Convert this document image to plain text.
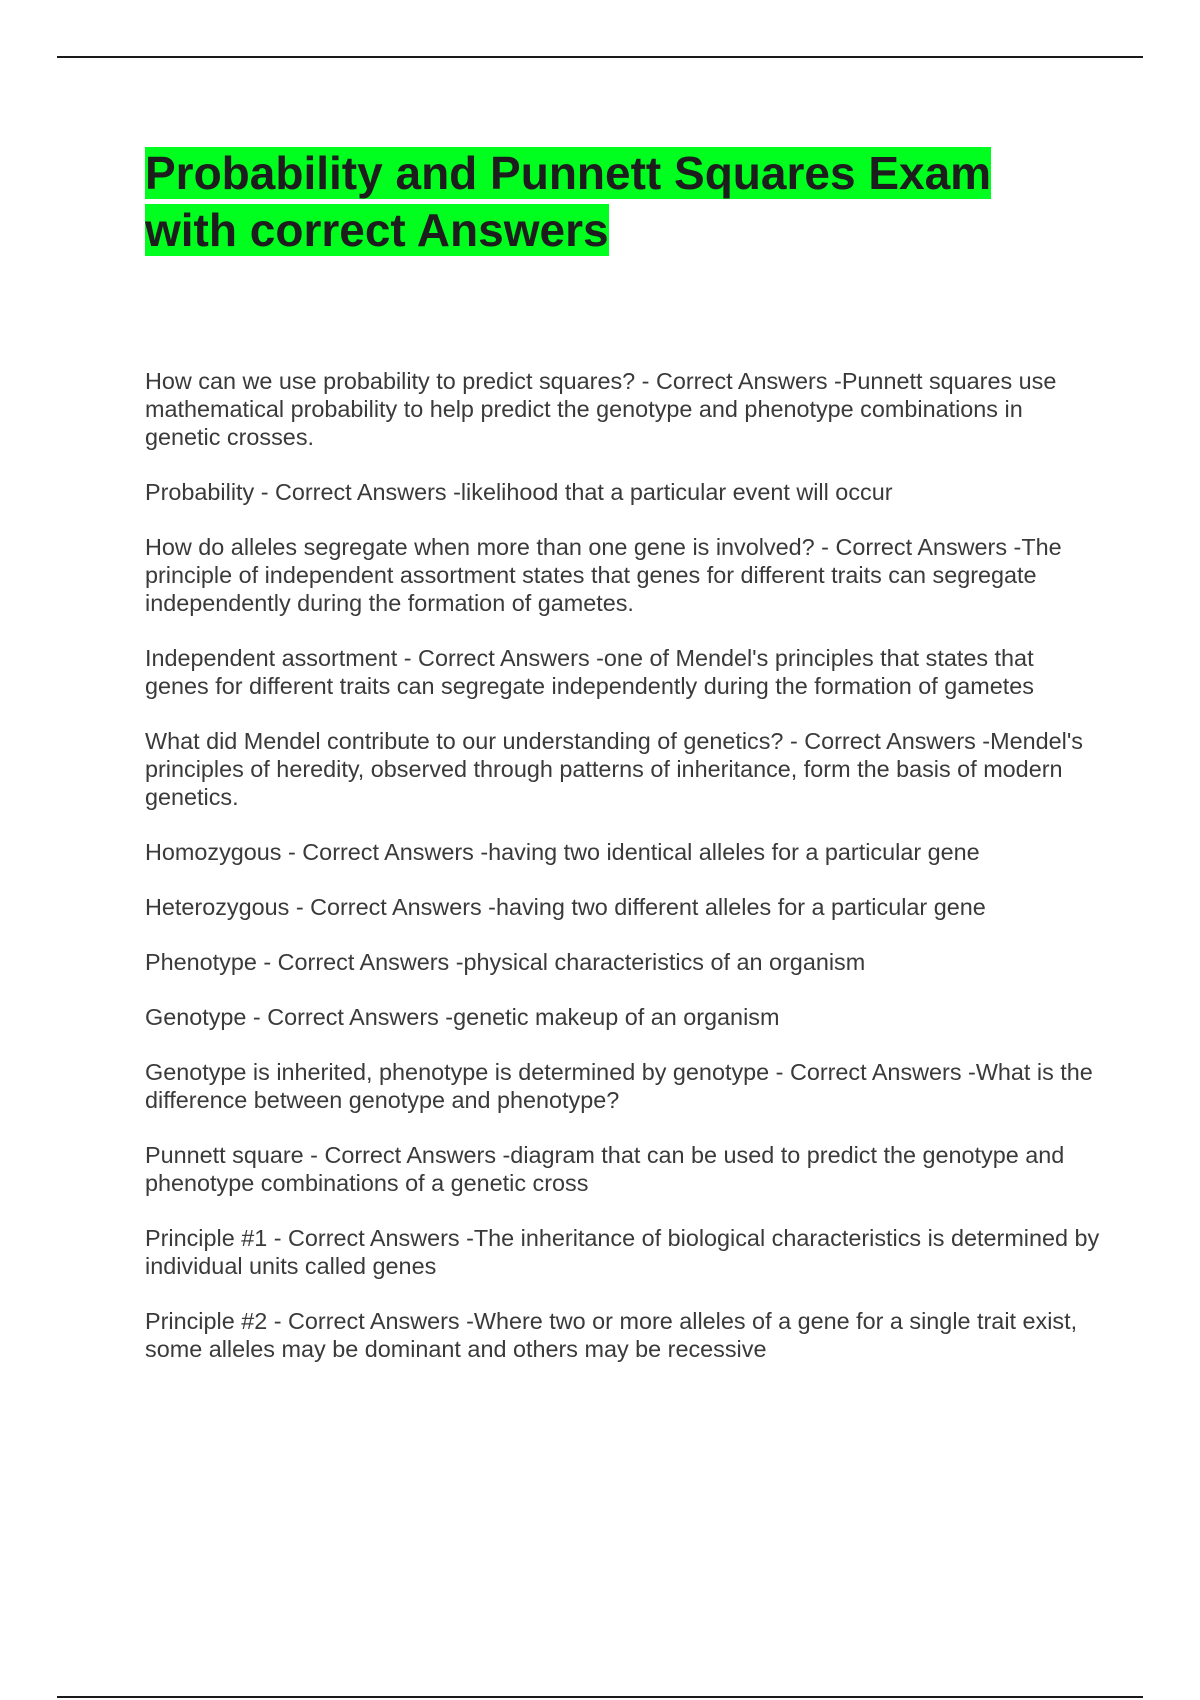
Probability and Punnett Squares Exam with correct Answers
How can we use probability to predict squares? - Correct Answers -Punnett squares use mathematical probability to help predict the genotype and phenotype combinations in genetic crosses.
Probability - Correct Answers -likelihood that a particular event will occur
How do alleles segregate when more than one gene is involved? - Correct Answers -The principle of independent assortment states that genes for different traits can segregate independently during the formation of gametes.
Independent assortment - Correct Answers -one of Mendel's principles that states that genes for different traits can segregate independently during the formation of gametes
What did Mendel contribute to our understanding of genetics? - Correct Answers -Mendel's principles of heredity, observed through patterns of inheritance, form the basis of modern genetics.
Homozygous - Correct Answers -having two identical alleles for a particular gene
Heterozygous - Correct Answers -having two different alleles for a particular gene
Phenotype - Correct Answers -physical characteristics of an organism
Genotype - Correct Answers -genetic makeup of an organism
Genotype is inherited, phenotype is determined by genotype - Correct Answers -What is the difference between genotype and phenotype?
Punnett square - Correct Answers -diagram that can be used to predict the genotype and phenotype combinations of a genetic cross
Principle #1 - Correct Answers -The inheritance of biological characteristics is determined by individual units called genes
Principle #2 - Correct Answers -Where two or more alleles of a gene for a single trait exist, some alleles may be dominant and others may be recessive
